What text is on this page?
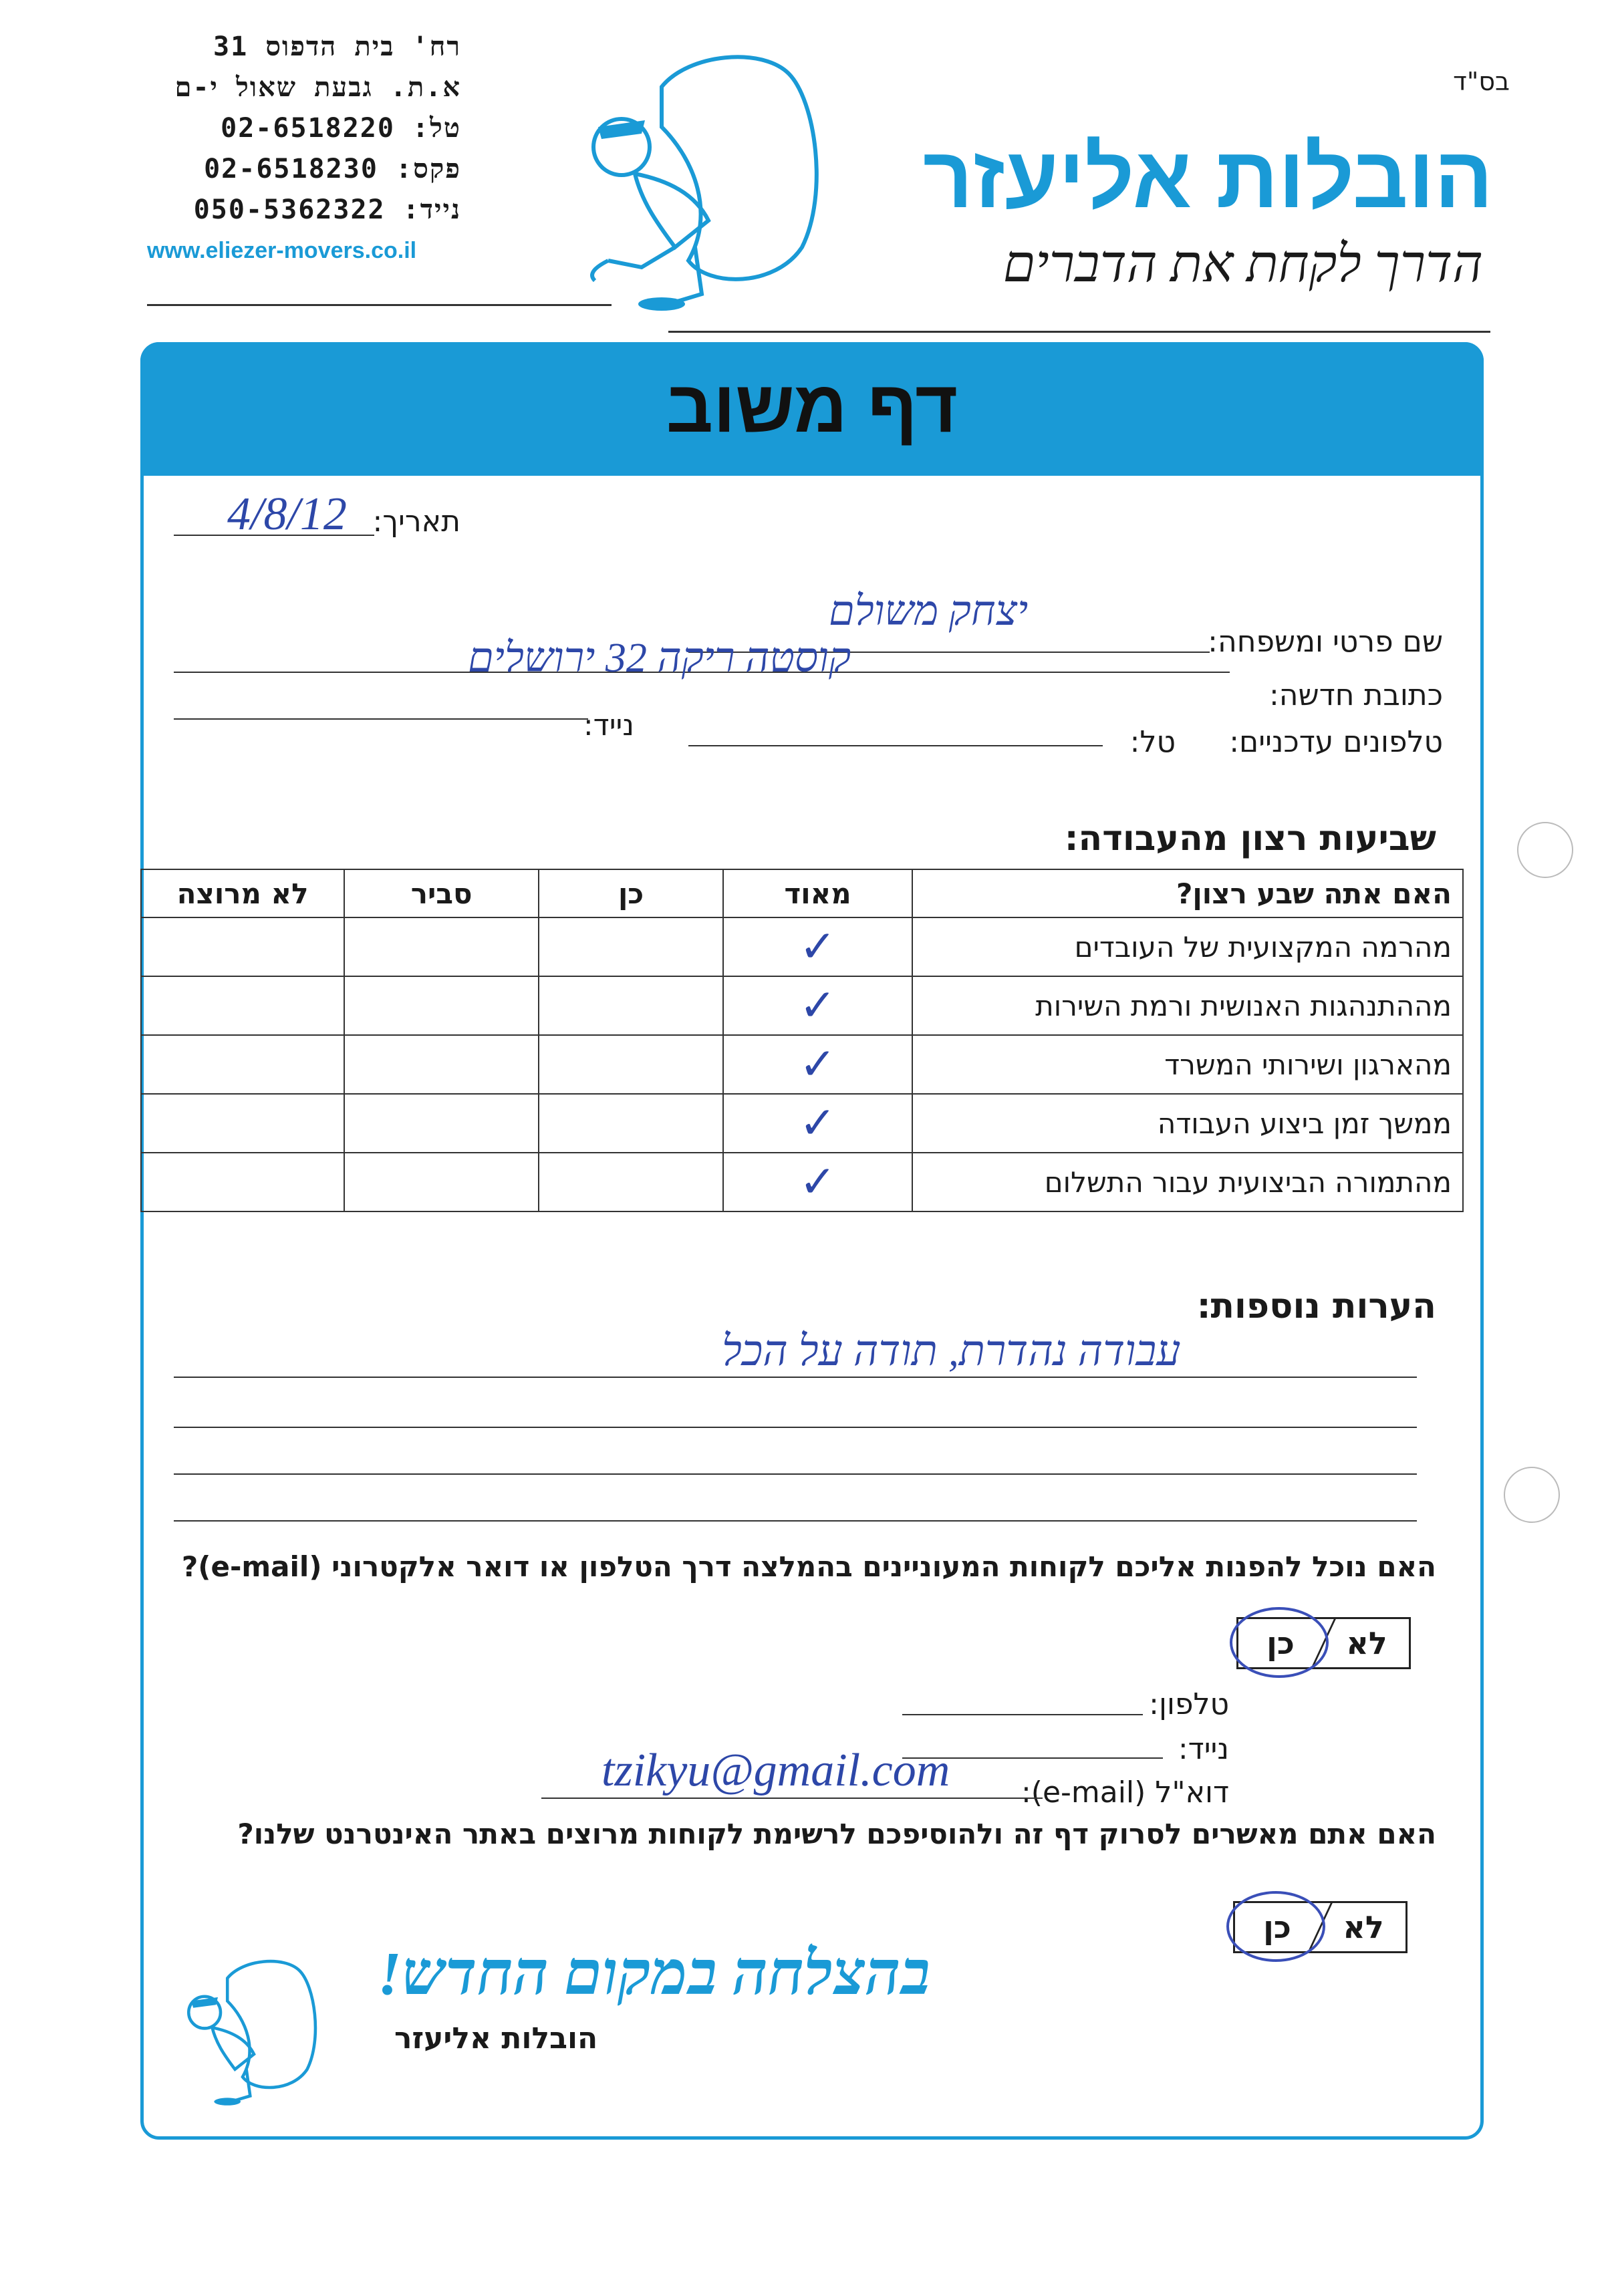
רח' בית הדפוס 31
א.ת. גבעת שאול י-ם
טל: 02-6518220
פקס: 02-6518230
נייד: 050-5362322
www.eliezer-movers.co.il
בס"ד
הובלות אליעזר
הדרך לקחת את הדברים
דף משוב
תאריך:
4/8/12
שם פרטי ומשפחה:
יצחק משולם
כתובת חדשה:
קוסטה ריקה 32 ירושלים
טלפונים עדכניים:
טל:
נייד:
שביעות רצון מהעבודה:
האם אתה שבע רצון?	מאוד	כן	סביר	לא מרוצה
מהרמה המקצועית של העובדים	✓			
מההתנהגות האנושית ורמת השירות	✓			
מהארגון ושירותי המשרד	✓			
ממשך זמן ביצוע העבודה	✓			
מהתמורה הביצועית עבור התשלום	✓			
הערות נוספות:
עבודה נהדרת, תודה על הכל
האם נוכל להפנות אליכם לקוחות המעוניינים בהמלצה דרך הטלפון או דואר אלקטרוני (e-mail)?
לא
כן
טלפון:
נייד:
דוא"ל (e-mail):
tzikyu@gmail.com
האם אתם מאשרים לסרוק דף זה ולהוסיפכם לרשימת לקוחות מרוצים באתר האינטרנט שלנו?
לא
כן
בהצלחה במקום החדש!
הובלות אליעזר
